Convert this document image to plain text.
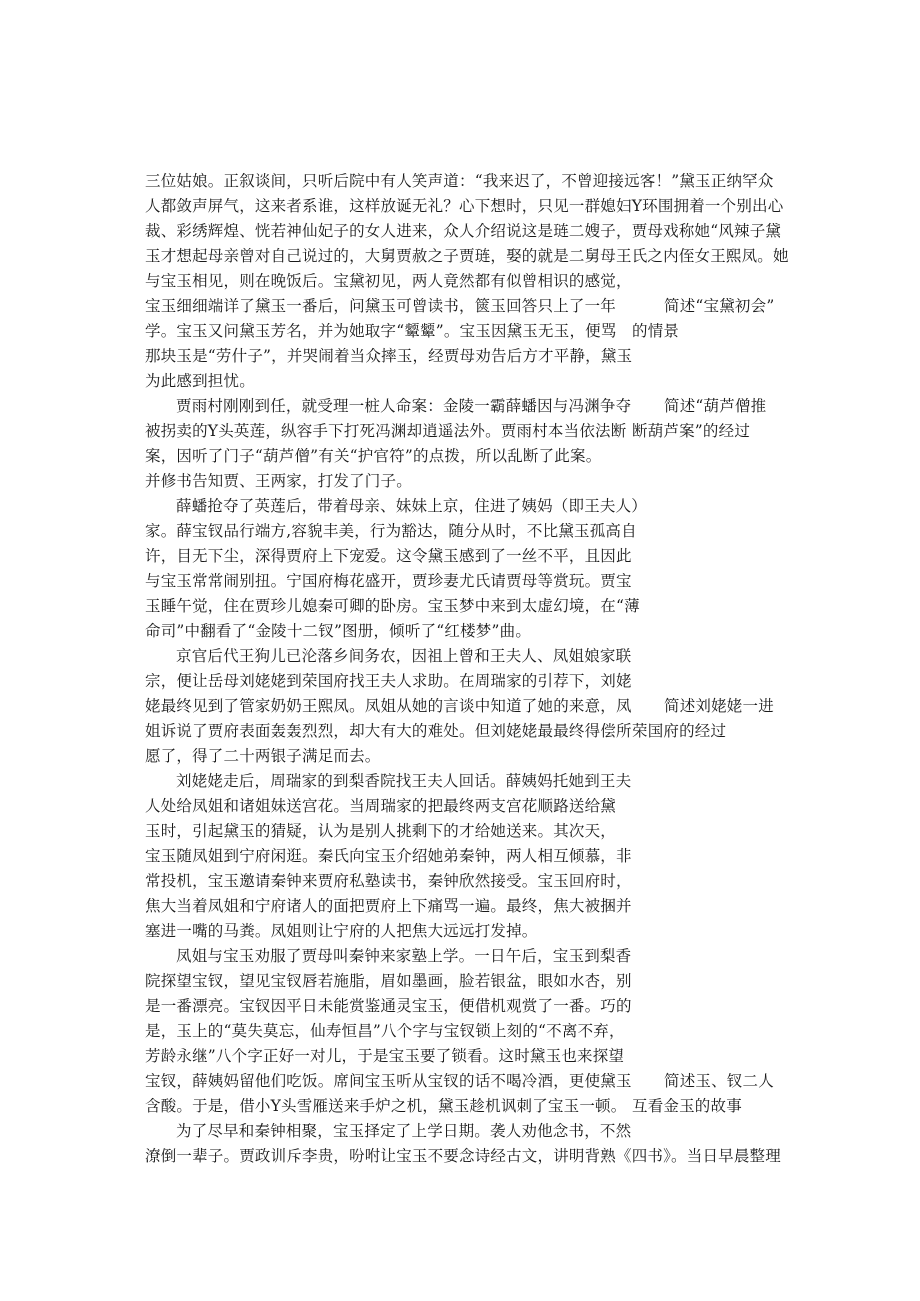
三位姑娘。正叙谈间，只听后院中有人笑声道：“我来迟了，不曾迎接远客！”黛玉正纳罕众
人都敛声屏气，这来者系谁，这样放诞无礼？心下想时，只见一群媳妇Y环围拥着一个别出心
裁、彩绣辉煌、恍若神仙妃子的女人进来，众人介绍说这是琏二嫂子，贾母戏称她“风辣子黛
玉才想起母亲曾对自己说过的，大舅贾赦之子贾琏，娶的就是二舅母王氏之内侄女王熙凤。她
与宝玉相见，则在晚饭后。宝黛初见，两人竟然都有似曾相识的感觉，
宝玉细细端详了黛玉一番后，问黛玉可曾读书，篋玉回答只上了一年
学。宝玉又问黛玉芳名，并为她取字“颦颦”。宝玉因黛玉无玉，便骂
那块玉是“劳什子”，并哭闹着当众摔玉，经贾母劝告后方才平静，黛玉
为此感到担忧。
贾雨村刚刚到任，就受理一桩人命案：金陵一霸薛蟠因与冯渊争夺
被拐卖的Y头英莲，纵容手下打死冯渊却逍遥法外。贾雨村本当依法断
案，因听了门子“葫芦僧”有关“护官符”的点拨，所以乱断了此案。
并修书告知贾、王两家，打发了门子。
薛蟠抢夺了英莲后，带着母亲、妹妹上京，住进了姨妈（即王夫人）
家。薛宝钗品行端方,容貌丰美，行为豁达，随分从时，不比黛玉孤高自
许，目无下尘，深得贾府上下宠爱。这令黛玉感到了一丝不平，且因此
与宝玉常常闹别扭。宁国府梅花盛开，贾珍妻尤氏请贾母等赏玩。贾宝
玉睡午觉，住在贾珍儿媳秦可卿的卧房。宝玉梦中来到太虚幻境，在“薄
命司”中翻看了“金陵十二钗”图册，倾听了“红楼梦”曲。
京官后代王狗儿已沦落乡间务农，因祖上曾和王夫人、凤姐娘家联
宗，便让岳母刘姥姥到荣国府找王夫人求助。在周瑞家的引荐下，刘姥
姥最终见到了管家奶奶王熙凤。凤姐从她的言谈中知道了她的来意，凤
姐诉说了贾府表面轰轰烈烈，却大有大的难处。但刘姥姥最最终得偿所
愿了，得了二十两银子满足而去。
刘姥姥走后，周瑞家的到梨香院找王夫人回话。薛姨妈托她到王夫
人处给凤姐和诸姐妹送宫花。当周瑞家的把最终两支宫花顺路送给黛
玉时，引起黛玉的猜疑，认为是别人挑剩下的才给她送来。其次天，
宝玉随凤姐到宁府闲逛。秦氏向宝玉介绍她弟秦钟，两人相互倾慕，非
常投机，宝玉邀请秦钟来贾府私塾读书，秦钟欣然接受。宝玉回府时，
焦大当着凤姐和宁府诸人的面把贾府上下痛骂一遍。最终，焦大被捆并
塞进一嘴的马粪。凤姐则让宁府的人把焦大远远打发掉。
凤姐与宝玉劝服了贾母叫秦钟来家塾上学。一日午后，宝玉到梨香
院探望宝钗，望见宝钗唇若施脂，眉如墨画，脸若银盆，眼如水杏，别
是一番漂亮。宝钗因平日未能赏鉴通灵宝玉，便借机观赏了一番。巧的
是，玉上的“莫失莫忘，仙寿恒昌”八个字与宝钗锁上刻的“不离不弃，
芳龄永继”八个字正好一对儿，于是宝玉要了锁看。这时黛玉也来探望
宝钗，薛姨妈留他们吃饭。席间宝玉听从宝钗的话不喝冷酒，更使黛玉
含酸。于是，借小Y头雪雁送来手炉之机，黛玉趁机讽刺了宝玉一顿。
为了尽早和秦钟相聚，宝玉择定了上学日期。袭人劝他念书，不然
潦倒一辈子。贾政训斥李贵，吩咐让宝玉不要念诗经古文，讲明背熟《四书》。当日早晨整理
简述“宝黛初会”
的情景
简述“葫芦僧推
断葫芦案”的经过
简述刘姥姥一进
荣国府的经过
简述玉、钗二人
互看金玉的故事
